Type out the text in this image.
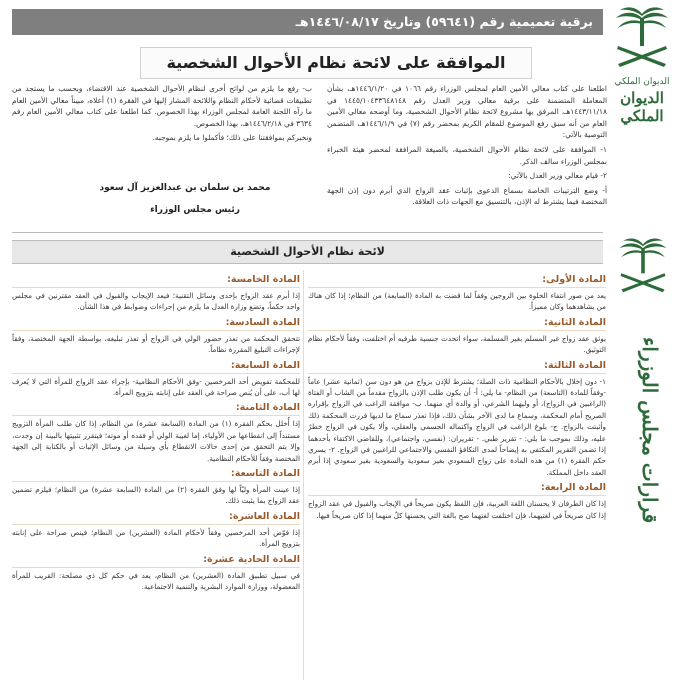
برقية تعميمية رقم (٥٩٦٤١) وتاريخ ١٤٤٦/٠٨/١٧هـ
الديوان الملكي
الديوان الملكي
الموافقة على لائحة نظام الأحوال الشخصية

اطلعنا على كتاب معالي الأمين العام لمجلس الوزراء رقم ١٠٦٦ في ١٤٤٦/١/٢٠هـ، بشأن المعاملة المتضمنة على برقية معالي وزير العدل رقم ١٤٤٥/١٠٤٣٣٦٤٨١٤٨ في ١٤٤٣/١١/١٨هـ، المرفق بها مشروع لائحة نظام الأحوال الشخصية، وما أوضحه معالي الأمين العام من أنه سبق رفع الموضوع للمقام الكريم بمحضر رقم (٧) في ١٤٤٦/١/٩هـ، المتضمن التوصية بالآتي:

١- الموافقة على لائحة نظام الأحوال الشخصية، بالصيغة المرافقة لمحضر هيئة الخبراء بمجلس الوزراء سالف الذكر.

٢- قيام معالي وزير العدل بالآتي:

أ- وضع الترتيبات الخاصة بسماع الدعوى بإثبات عقد الزواج الذي أبرم دون إذن الجهة المختصة فيما يشترط له الإذن، بالتنسيق مع الجهات ذات العلاقة.

ب- رفع ما يلزم من لوائح أخرى لنظام الأحوال الشخصية عند الاقتضاء، وبحسب ما يستجد من تطبيقات قضائية لأحكام النظام واللائحة المشار إليها في الفقرة (١) أعلاه، مبيناً معالي الأمين العام ما رآه اللجنة العامة لمجلس الوزراء بهذا الخصوص. كما اطلعنا على كتاب معالي الأمين العام رقم ٣٦٣٤ في ١٤٤٦/٢/١٨هـ، بهذا الخصوص.

ونخبركم بموافقتنا على ذلك؛ فأكملوا ما يلزم بموجبه.

محمد بن سلمان بن عبدالعزيز آل سعود
رئيس مجلس الوزراء
قرارات مجلس الوزراء
لائحة نظام الأحوال الشخصية
المادة الأولى:

يعد من صور انتفاء الخلوة بين الزوجين وفقاً لما قضت به المادة (السابعة) من النظام؛ إذا كان هناك من يشاهدهما وكان مميزاً.

المادة الثانية:

يوثق عقد زواج غير المسلم بغير المسلمة، سواء اتحدت جنسية طرفيه أم اختلفت، وفقاً لأحكام نظام التوثيق.

المادة الثالثة:

١- دون إخلال بالأحكام النظامية ذات الصلة؛ يشترط للإذن بزواج من هو دون سن (ثمانية عشر) عاماً -وفقاً للمادة (التاسعة) من النظام- ما يلي: أ- أن يكون طلب الإذن بالزواج مقدماً من الشاب أو الفتاة (الراغبين في الزواج)، أو وليهما الشرعي، أو والدة أي منهما. ب- موافقة الراغب في الزواج بإقراره الصريح أمام المحكمة، وسماع ما لدى الآخر بشأن ذلك، فإذا تعذر سماع ما لديها قررت المحكمة ذلك وأثبتت بالزواج. ج- بلوغ الراغب في الزواج واكتماله الجسمي والعقلي، وألا يكون في الزواج خطرٌ عليه، وذلك بموجب ما يلي: - تقرير طبي. - تقريران: (نفسي، واجتماعي)، وللقاضي الاكتفاء بأحدهما إذا تضمن التقرير المكتفى به إيضاحاً لمدى التكافؤ النفسي والاجتماعي للراغبين في الزواج. ٢- يسري حكم الفقرة (١) من هذه المادة على زواج السعودي بغير سعودية والسعودية بغير سعودي إذا أبرم العقد داخل المملكة.

المادة الرابعة:

إذا كان الطرفان لا يحسنان اللغة العربية، فإن اللفظ يكون صريحاً في الإيجاب والقبول في عقد الزواج إذا كان صريحاً في لغتيهما، فإن اختلفت لغتهما صح بالغة التي يحسنها كلٌ منهما إذا كان صريحاً فيها.

المادة الخامسة:

إذا أبرم عقد الزواج بإحدى وسائل التقنية؛ فيعد الإيجاب والقبول في العقد مقترنين في مجلس واحد حكماً، وتضع وزارة العدل ما يلزم من إجراءات وضوابط في هذا الشأن.

المادة السادسة:

تتحقق المحكمة من تعذر حضور الولي في الزواج أو تعذر تبليغه، بواسطة الجهة المختصة، وفقاً لإجراءات التبليغ المقررة نظاماً.

المادة السابعة:

للمحكمة تفويض أحد المرخصين -وفق الأحكام النظامية- بإجراء عقد الزواج للمرأة التي لا يُعرف لها أب، على أن يُنص صراحة في العقد على إنابته بتزويج المرأة.

المادة الثامنة:

إذا أُخلل بحكم الفقرة (١) من المادة (السابعة عشرة) من النظام، إذا كان طلب المرأة التزويج مستنداً إلى انقطاعها من الأولياء، إما لغيبة الولي أو فقده أو موته؛ فيتقرر تثبيتها بالبينة إن وجدت، وإلا يتم التحقق من إحدى حالات الانقطاع بأي وسيلة من وسائل الإثبات أو بالكتابة إلى الجهة المختصة وفقاً للأحكام النظامية.

المادة التاسعة:

إذا عينت المرأة وليّاً لها وفق الفقرة (٢) من المادة (السابعة عشرة) من النظام؛ فيلزم تضمين عقد الزواج بما يثبت ذلك.

المادة العاشرة:

إذا فوّض أحد المرخصين وفقاً لأحكام المادة (العشرين) من النظام؛ فينص صراحة على إنابته بتزويج المرأة.

المادة الحادية عشرة:

في سبيل تطبيق المادة (العشرين) من النظام، يعد في حكم كل ذي مصلحة: القريب للمرأة المعضولة، ووزارة الموارد البشرية والتنمية الاجتماعية.
